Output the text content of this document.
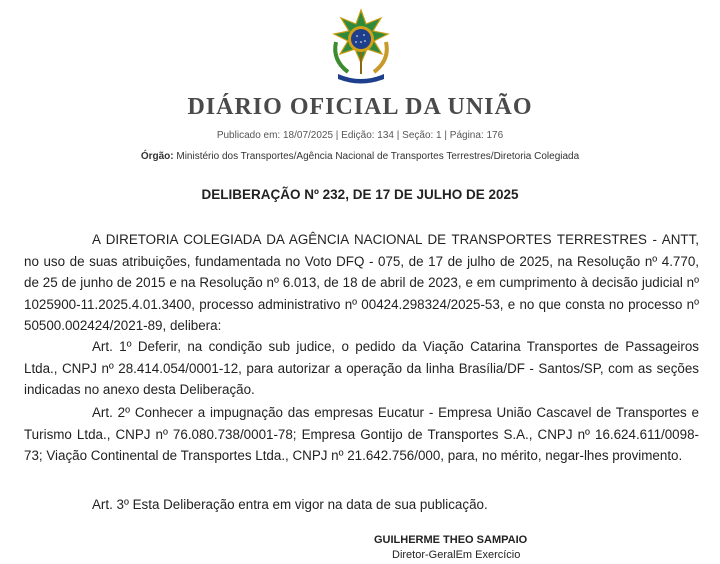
DIÁRIO OFICIAL DA UNIÃO
Publicado em: 18/07/2025 | Edição: 134 | Seção: 1 | Página: 176
Órgão: Ministério dos Transportes/Agência Nacional de Transportes Terrestres/Diretoria Colegiada
DELIBERAÇÃO Nº 232, DE 17 DE JULHO DE 2025

A DIRETORIA COLEGIADA DA AGÊNCIA NACIONAL DE TRANSPORTES TERRESTRES - ANTT, no uso de suas atribuições, fundamentada no Voto DFQ - 075, de 17 de julho de 2025, na Resolução nº 4.770, de 25 de junho de 2015 e na Resolução nº 6.013, de 18 de abril de 2023, e em cumprimento à decisão judicial nº 1025900-11.2025.4.01.3400, processo administrativo nº 00424.298324/2025-53, e no que consta no processo nº 50500.002424/2021-89, delibera:

Art. 1º Deferir, na condição sub judice, o pedido da Viação Catarina Transportes de Passageiros Ltda., CNPJ nº 28.414.054/0001-12, para autorizar a operação da linha Brasília/DF - Santos/SP, com as seções indicadas no anexo desta Deliberação.

Art. 2º Conhecer a impugnação das empresas Eucatur - Empresa União Cascavel de Transportes e Turismo Ltda., CNPJ nº 76.080.738/0001-78; Empresa Gontijo de Transportes S.A., CNPJ nº 16.624.611/0098-73; Viação Continental de Transportes Ltda., CNPJ nº 21.642.756/000, para, no mérito, negar-lhes provimento.

Art. 3º Esta Deliberação entra em vigor na data de sua publicação.

GUILHERME THEO SAMPAIO
Diretor-GeralEm Exercício
